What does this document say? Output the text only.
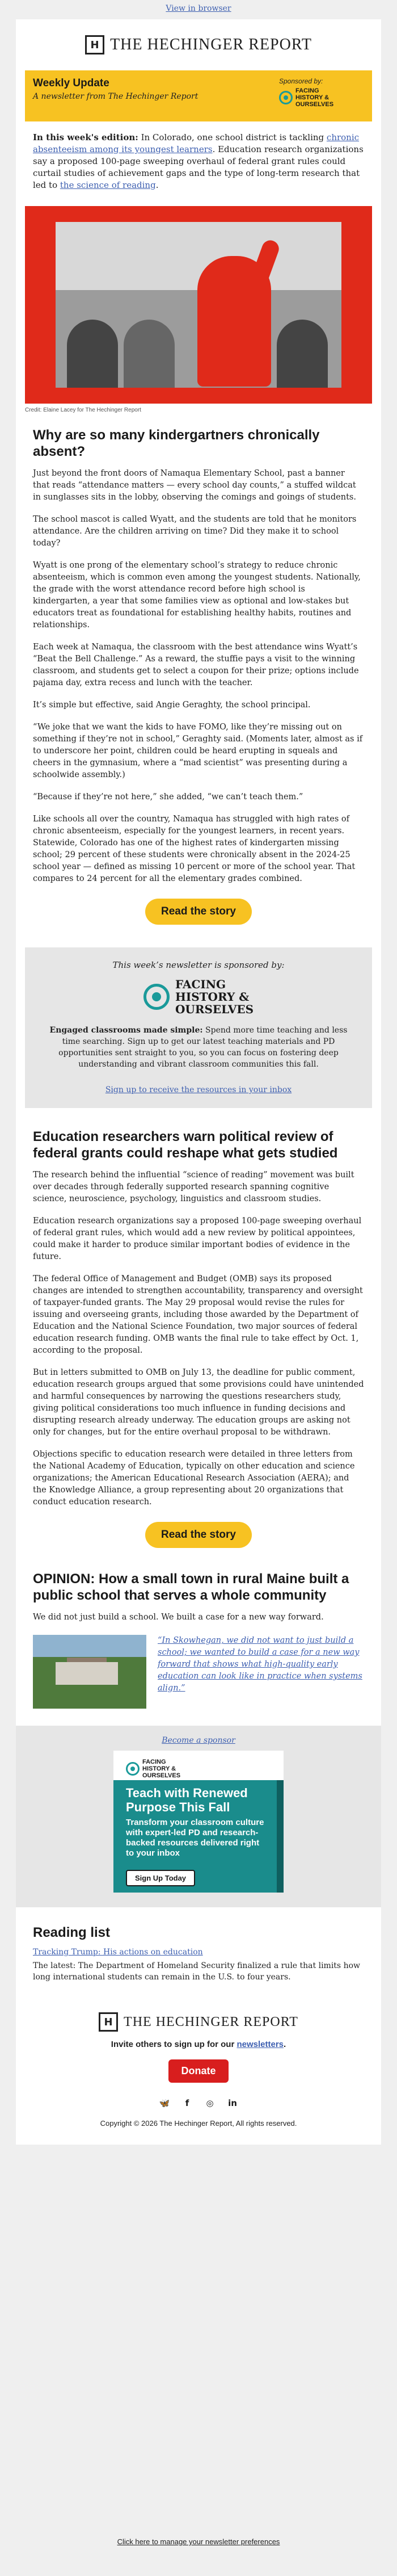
View in browser
H THE HECHINGER REPORT
Weekly Update

A newsletter from The Hechinger Report

Sponsored by:
FACING
HISTORY &
OURSELVES
In this week's edition: In Colorado, one school district is tackling chronic absenteeism among its youngest learners. Education research organizations say a proposed 100-page sweeping overhaul of federal grant rules could curtail studies of achievement gaps and the type of long-term research that led to the science of reading.
Credit: Elaine Lacey for The Hechinger Report
Why are so many kindergartners chronically absent?

Just beyond the front doors of Namaqua Elementary School, past a banner that reads “attendance matters — every school day counts,” a stuffed wildcat in sunglasses sits in the lobby, observing the comings and goings of students.

The school mascot is called Wyatt, and the students are told that he monitors attendance. Are the children arriving on time? Did they make it to school today?

Wyatt is one prong of the elementary school’s strategy to reduce chronic absenteeism, which is common even among the youngest students. Nationally, the grade with the worst attendance record before high school is kindergarten, a year that some families view as optional and low-stakes but educators treat as foundational for establishing healthy habits, routines and relationships.

Each week at Namaqua, the classroom with the best attendance wins Wyatt’s “Beat the Bell Challenge.” As a reward, the stuffie pays a visit to the winning classroom, and students get to select a coupon for their prize; options include pajama day, extra recess and lunch with the teacher.

It’s simple but effective, said Angie Geraghty, the school principal.

“We joke that we want the kids to have FOMO, like they’re missing out on something if they’re not in school,” Geraghty said. (Moments later, almost as if to underscore her point, children could be heard erupting in squeals and cheers in the gymnasium, where a “mad scientist” was presenting during a schoolwide assembly.)

“Because if they’re not here,” she added, “we can’t teach them.”

Like schools all over the country, Namaqua has struggled with high rates of chronic absenteeism, especially for the youngest learners, in recent years. Statewide, Colorado has one of the highest rates of kindergarten missing school; 29 percent of these students were chronically absent in the 2024-25 school year — defined as missing 10 percent or more of the school year. That compares to 24 percent for all the elementary grades combined.

Read the story
This week’s newsletter is sponsored by:
FACING
HISTORY &
OURSELVES

Engaged classrooms made simple: Spend more time teaching and less time searching. Sign up to get our latest teaching materials and PD opportunities sent straight to you, so you can focus on fostering deep understanding and vibrant classroom communities this fall.

Sign up to receive the resources in your inbox
Education researchers warn political review of federal grants could reshape what gets studied

The research behind the influential “science of reading” movement was built over decades through federally supported research spanning cognitive science, neuroscience, psychology, linguistics and classroom studies.

Education research organizations say a proposed 100-page sweeping overhaul of federal grant rules, which would add a new review by political appointees, could make it harder to produce similar important bodies of evidence in the future.

The federal Office of Management and Budget (OMB) says its proposed changes are intended to strengthen accountability, transparency and oversight of taxpayer-funded grants. The May 29 proposal would revise the rules for issuing and overseeing grants, including those awarded by the Department of Education and the National Science Foundation, two major sources of federal education research funding. OMB wants the final rule to take effect by Oct. 1, according to the proposal.

But in letters submitted to OMB on July 13, the deadline for public comment, education research groups argued that some provisions could have unintended and harmful consequences by narrowing the questions researchers study, giving political considerations too much influence in funding decisions and disrupting research already underway. The education groups are asking not only for changes, but for the entire overhaul proposal to be withdrawn.

Objections specific to education research were detailed in three letters from the National Academy of Education, typically on other education and science organizations; the American Educational Research Association (AERA); and the Knowledge Alliance, a group representing about 20 organizations that conduct education research.

Read the story
OPINION: How a small town in rural Maine built a public school that serves a whole community

We did not just build a school. We built a case for a new way forward.

“In Skowhegan, we did not want to just build a school; we wanted to build a case for a new way forward that shows what high-quality early education can look like in practice when systems align.”
Become a sponsor
FACING
HISTORY &
OURSELVES
Teach with Renewed Purpose This Fall
Transform your classroom culture with expert-led PD and research-backed resources delivered right to your inbox
Sign Up Today
Reading list

Tracking Trump: His actions on education

The latest: The Department of Homeland Security finalized a rule that limits how long international students can remain in the U.S. to four years.

H THE HECHINGER REPORT
Invite others to sign up for our newsletters.
Donate
🦋	f	◎ in
Copyright © 2026 The Hechinger Report, All rights reserved.
Click here to manage your newsletter preferences
